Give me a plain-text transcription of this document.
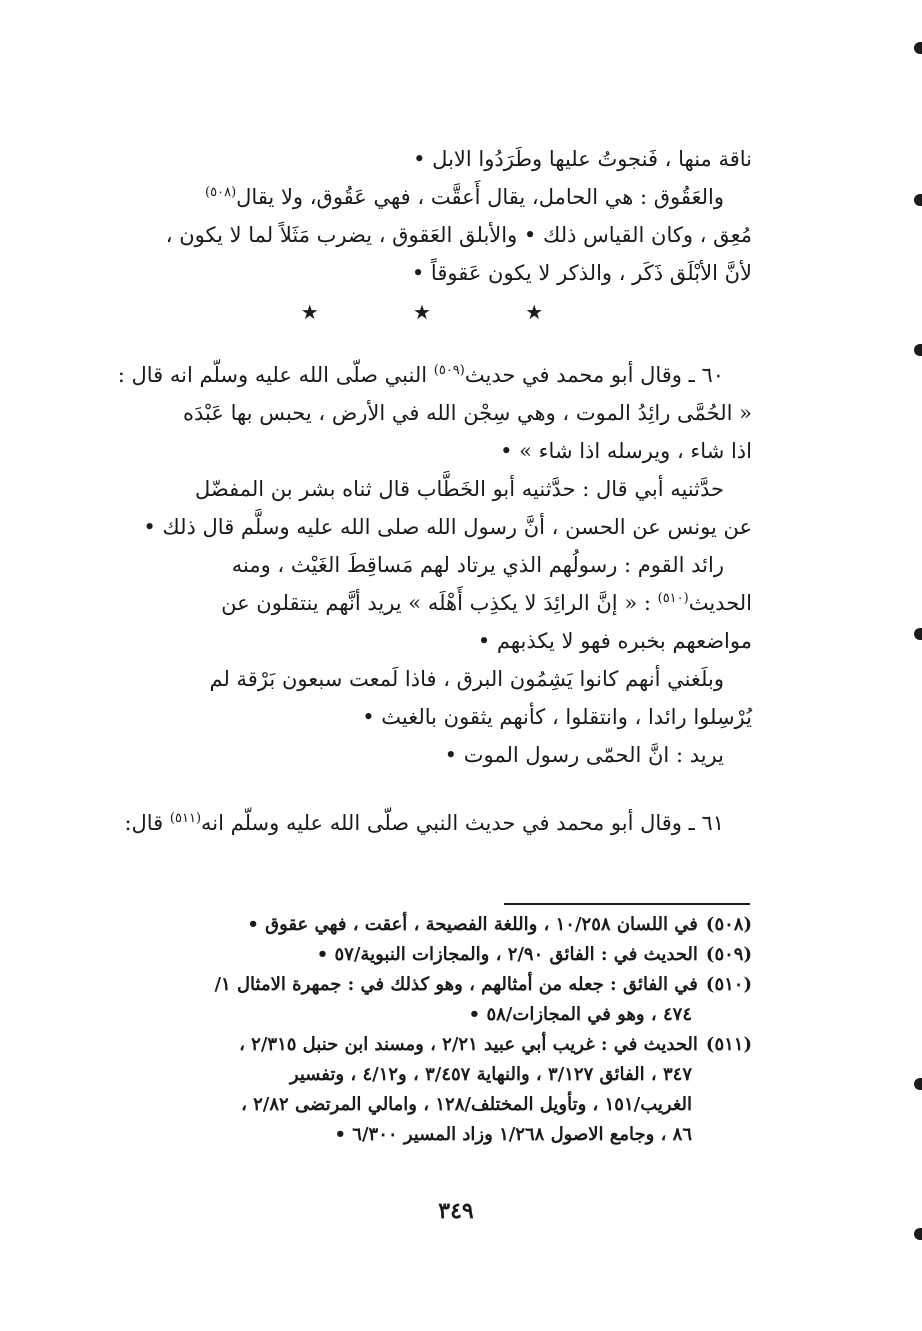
ناقة منها ، فَنجوتُ عليها وطَرَدُوا الابل •

والعَقُوق : هي الحامل، يقال أَعقَّت ، فهي عَقُوق، ولا يقال$^{(٥٠٨)}$

مُعِق ، وكان القياس ذلك • والأبلق العَقوق ، يضرب مَثَلاً لما لا يكون ،

لأنَّ الأبْلَق ذَكَر ، والذكر لا يكون عَقوقاً •

★ ★ ★

٦٠ ـ وقال أبو محمد في حديث$^{(٥٠٩)}$ النبي صلّى الله عليه وسلّم انه قال :

« الحُمَّى رائِدُ الموت ، وهي سِجْن الله في الأرض ، يحبس بها عَبْدَه

اذا شاء ، ويرسله اذا شاء » •

حدَّثنيه أبي قال : حدَّثنيه أبو الخَطَّاب قال ثناه بشر بن المفضّل

عن يونس عن الحسن ، أنَّ رسول الله صلى الله عليه وسلَّم قال ذلك •

رائد القوم : رسولُهم الذي يرتاد لهم مَساقِطَ الغَيْث ، ومنه

الحديث$^{(٥١٠)}$ : « إنَّ الرائِدَ لا يكذِب أَهْلَه » يريد أنَّهم ينتقلون عن

مواضعهم بخبره فهو لا يكذبهم •

وبلَغني أنهم كانوا يَشِمُون البرق ، فاذا لَمعت سبعون بَرْقة لم

يُرْسِلوا رائدا ، وانتقلوا ، كأنهم يثقون بالغيث •

يريد : انَّ الحمّى رسول الموت •

٦١ ـ وقال أبو محمد في حديث النبي صلّى الله عليه وسلّم انه$^{(٥١١)}$ قال:

(٥٠٨)في اللسان ١٠/٢٥٨ ، واللغة الفصيحة ، أعقت ، فهي عقوق •

(٥٠٩)الحديث في : الفائق ٢/٩٠ ، والمجازات النبوية/٥٧ •

(٥١٠)في الفائق : جعله من أمثالهم ، وهو كذلك في : جمهرة الامثال ١/
٤٧٤ ، وهو في المجازات/٥٨ •

(٥١١)الحديث في : غريب أبي عبيد ٢/٢١ ، ومسند ابن حنبل ٢/٣١٥ ،
٣٤٧ ، الفائق ٣/١٢٧ ، والنهاية ٣/٤٥٧ ، و٤/١٢ ، وتفسير
الغريب/١٥١ ، وتأويل المختلف/١٢٨ ، وامالي المرتضى ٢/٨٢ ،
٨٦ ، وجامع الاصول ١/٢٦٨ وزاد المسير ٦/٣٠٠ •

٣٤٩
